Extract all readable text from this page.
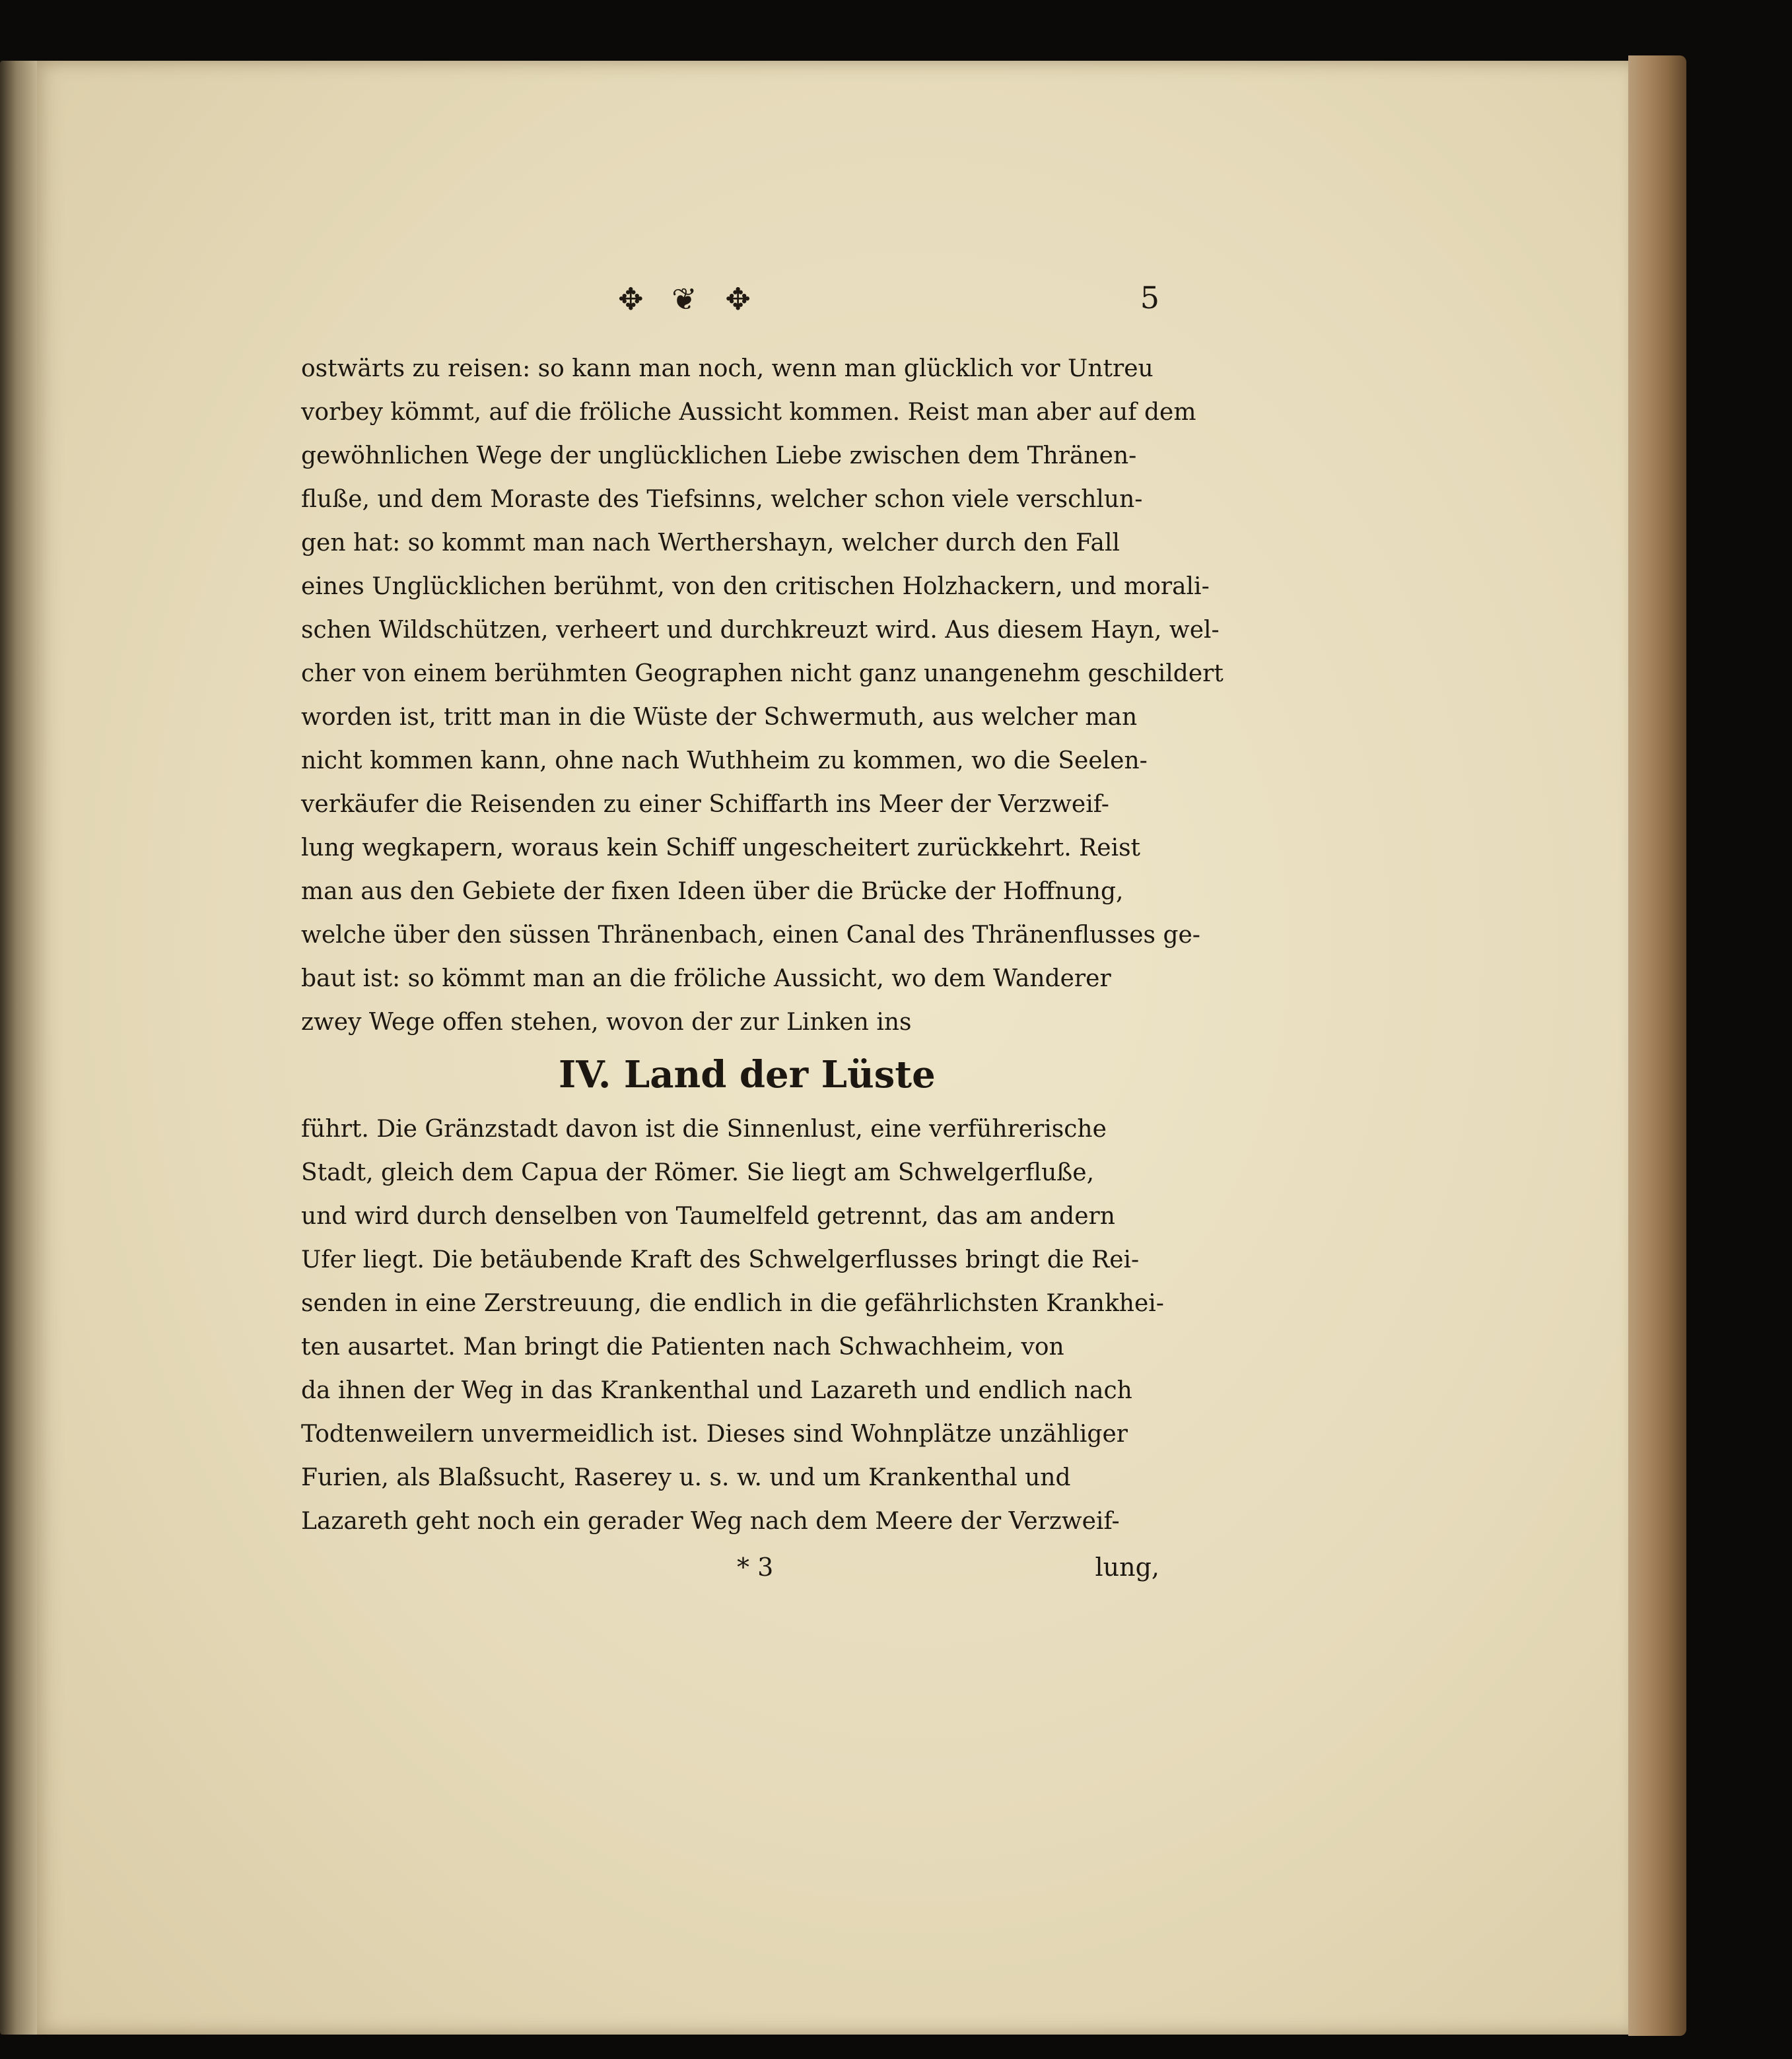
✥ ❦ ✥	5
ostwärts zu reisen: so kann man noch, wenn man glücklich vor Untreu
vorbey kömmt, auf die fröliche Aussicht kommen. Reist man aber auf dem
gewöhnlichen Wege der unglücklichen Liebe zwischen dem Thränen-
fluße, und dem Moraste des Tiefsinns, welcher schon viele verschlun-
gen hat: so kommt man nach Werthershayn, welcher durch den Fall
eines Unglücklichen berühmt, von den critischen Holzhackern, und morali-
schen Wildschützen, verheert und durchkreuzt wird. Aus diesem Hayn, wel-
cher von einem berühmten Geographen nicht ganz unangenehm geschildert
worden ist, tritt man in die Wüste der Schwermuth, aus welcher man
nicht kommen kann, ohne nach Wuthheim zu kommen, wo die Seelen-
verkäufer die Reisenden zu einer Schiffarth ins Meer der Verzweif-
lung wegkapern, woraus kein Schiff ungescheitert zurückkehrt. Reist
man aus den Gebiete der fixen Ideen über die Brücke der Hoffnung,
welche über den süssen Thränenbach, einen Canal des Thränenflusses ge-
baut ist: so kömmt man an die fröliche Aussicht, wo dem Wanderer
zwey Wege offen stehen, wovon der zur Linken ins
IV. Land der Lüste
führt. Die Gränzstadt davon ist die Sinnenlust, eine verführerische
Stadt, gleich dem Capua der Römer. Sie liegt am Schwelgerfluße,
und wird durch denselben von Taumelfeld getrennt, das am andern
Ufer liegt. Die betäubende Kraft des Schwelgerflusses bringt die Rei-
senden in eine Zerstreuung, die endlich in die gefährlichsten Krankhei-
ten ausartet. Man bringt die Patienten nach Schwachheim, von
da ihnen der Weg in das Krankenthal und Lazareth und endlich nach
Todtenweilern unvermeidlich ist. Dieses sind Wohnplätze unzähliger
Furien, als Blaßsucht, Raserey u. s. w. und um Krankenthal und
Lazareth geht noch ein gerader Weg nach dem Meere der Verzweif-
* 3	lung,
